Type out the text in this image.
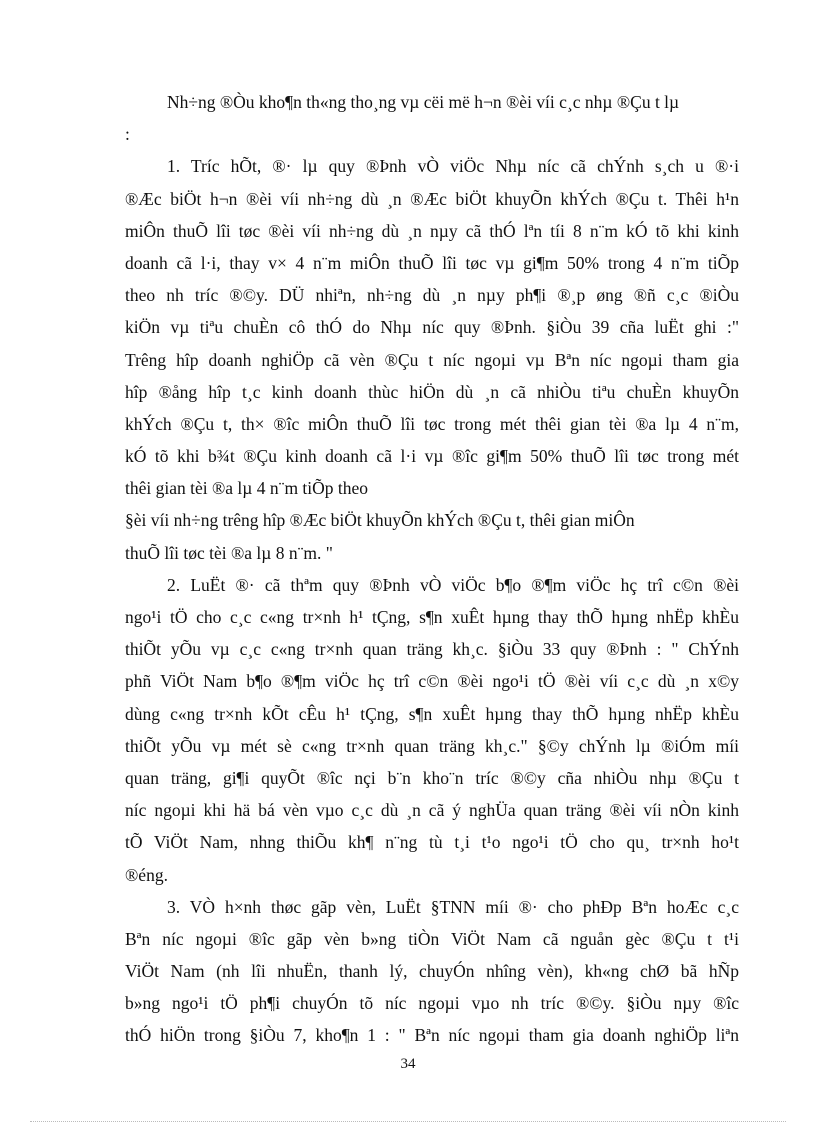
Nh÷ng ®Òu kho¶n th«ng tho¸ng vµ cëi më h¬n ®èi víi c¸c nhµ ®Çu t lµ
:
1. Tríc hÕt, ®· lµ quy ®Þnh vÒ viÖc Nhµ níc cã chÝnh s¸ch u ®·i
®Æc biÖt h¬n ®èi víi nh÷ng dù ¸n ®Æc biÖt khuyÕn khÝch ®Çu t. Thêi h¹n
miÔn thuÕ lîi tøc ®èi víi nh÷ng dù ¸n nµy cã thÓ lªn tíi 8 n¨m kÓ tõ khi kinh
doanh cã l·i, thay v× 4 n¨m miÔn thuÕ lîi tøc vµ gi¶m 50% trong 4 n¨m tiÕp
theo nh tríc ®©y. DÜ nhiªn, nh÷ng dù ¸n nµy ph¶i ®¸p øng ®ñ c¸c ®iÒu
kiÖn vµ tiªu chuÈn cô thÓ do Nhµ níc quy ®Þnh. §iÒu 39 cña luËt ghi :"
Trêng hîp doanh nghiÖp cã vèn ®Çu t níc ngoµi vµ Bªn níc ngoµi tham gia
hîp ®ång hîp t¸c kinh doanh thùc hiÖn dù ¸n cã nhiÒu tiªu chuÈn khuyÕn
khÝch ®Çu t, th× ®îc miÔn thuÕ lîi tøc trong mét thêi gian tèi ®a lµ 4 n¨m,
kÓ tõ khi b¾t ®Çu kinh doanh cã l·i vµ ®îc gi¶m 50% thuÕ lîi tøc trong mét
thêi gian tèi ®a lµ 4 n¨m tiÕp theo
§èi víi nh÷ng trêng hîp ®Æc biÖt khuyÕn khÝch ®Çu t, thêi gian miÔn
thuÕ lîi tøc tèi ®a lµ 8 n¨m. "
2. LuËt ®· cã thªm quy ®Þnh vÒ viÖc b¶o ®¶m viÖc hç trî c©n ®èi
ngo¹i tÖ cho c¸c c«ng tr×nh h¹ tÇng, s¶n xuÊt hµng thay thÕ hµng nhËp khÈu
thiÕt yÕu vµ c¸c c«ng tr×nh quan träng kh¸c. §iÒu 33 quy ®Þnh : " ChÝnh
phñ ViÖt Nam b¶o ®¶m viÖc hç trî c©n ®èi ngo¹i tÖ ®èi víi c¸c dù ¸n x©y
dùng c«ng tr×nh kÕt cÊu h¹ tÇng, s¶n xuÊt hµng thay thÕ hµng nhËp khÈu
thiÕt yÕu vµ mét sè c«ng tr×nh quan träng kh¸c." §©y chÝnh lµ ®iÓm míi
quan träng, gi¶i quyÕt ®îc nçi b¨n kho¨n tríc ®©y cña nhiÒu nhµ ®Çu t
níc ngoµi khi hä bá vèn vµo c¸c dù ¸n cã ý nghÜa quan träng ®èi víi nÒn kinh
tÕ ViÖt Nam, nhng thiÕu kh¶ n¨ng tù t¸i t¹o ngo¹i tÖ cho qu¸ tr×nh ho¹t
®éng.
3. VÒ h×nh thøc gãp vèn, LuËt §TNN míi ®· cho phÐp Bªn hoÆc c¸c
Bªn níc ngoµi ®îc gãp vèn b»ng tiÒn ViÖt Nam cã nguån gèc ®Çu t t¹i
ViÖt Nam (nh lîi nhuËn, thanh lý, chuyÓn nhîng vèn), kh«ng chØ bã hÑp
b»ng ngo¹i tÖ ph¶i chuyÓn tõ níc ngoµi vµo nh tríc ®©y. §iÒu nµy ®îc
thÓ hiÖn trong §iÒu 7, kho¶n 1 : " Bªn níc ngoµi tham gia doanh nghiÖp liªn
34
